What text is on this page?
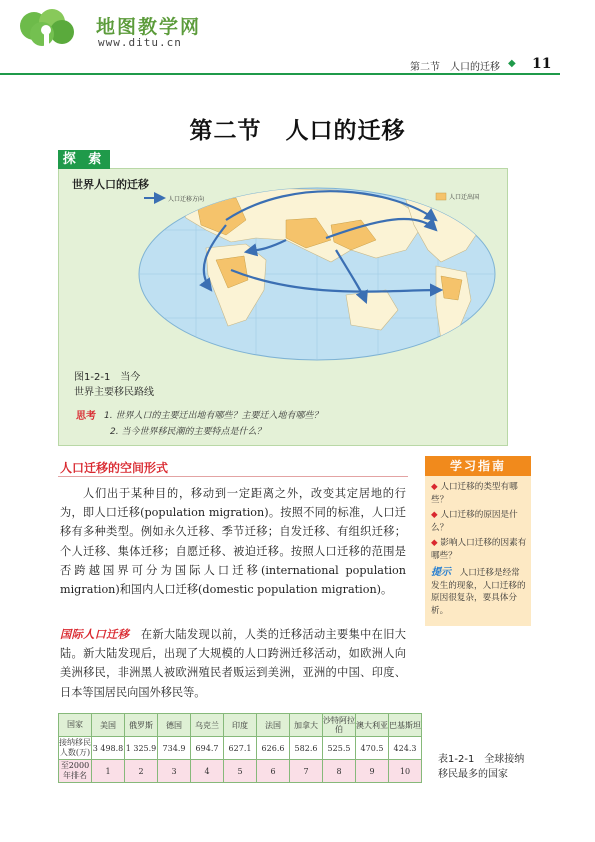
地图教学网
www.ditu.cn
第二节　人口的迁移 ◆ 11
第二节　人口的迁移
探 索
世界人口的迁移
人口迁移方向	人口迁出国
图1-2-1　当今
世界主要移民路线
思考 1. 世界人口的主要迁出地有哪些？主要迁入地有哪些？
2. 当今世界移民潮的主要特点是什么？
人口迁移的空间形式
人们出于某种目的，移动到一定距离之外，改变其定居地的行为，即人口迁移(population migration)。按照不同的标准，人口迁移有多种类型。例如永久迁移、季节迁移；自发迁移、有组织迁移；个人迁移、集体迁移；自愿迁移、被迫迁移。按照人口迁移的范围是否跨越国界可分为国际人口迁移(international population migration)和国内人口迁移(domestic population migration)。
国际人口迁移　 在新大陆发现以前，人类的迁移活动主要集中在旧大陆。新大陆发现后，出现了大规模的人口跨洲迁移活动，如欧洲人向美洲移民，非洲黑人被欧洲殖民者贩运到美洲，亚洲的中国、印度、日本等国居民向国外移民等。
学习指南
◆ 人口迁移的类型有哪些？
◆ 人口迁移的原因是什么？
◆ 影响人口迁移的因素有哪些？
提示　 人口迁移是经常发生的现象，人口迁移的原因很复杂，要具体分析。
国家	美国	俄罗斯	德国	乌克兰	印度	法国	加拿大	沙特阿拉伯	澳大利亚	巴基斯坦
接纳移民人数(万)	3 498.8	1 325.9	734.9	694.7	627.1	626.6	582.6	525.5	470.5	424.3
至2000年排名	1	2	3	4	5	6	7	8	9	10
表1-2-1　全球接纳
移民最多的国家
